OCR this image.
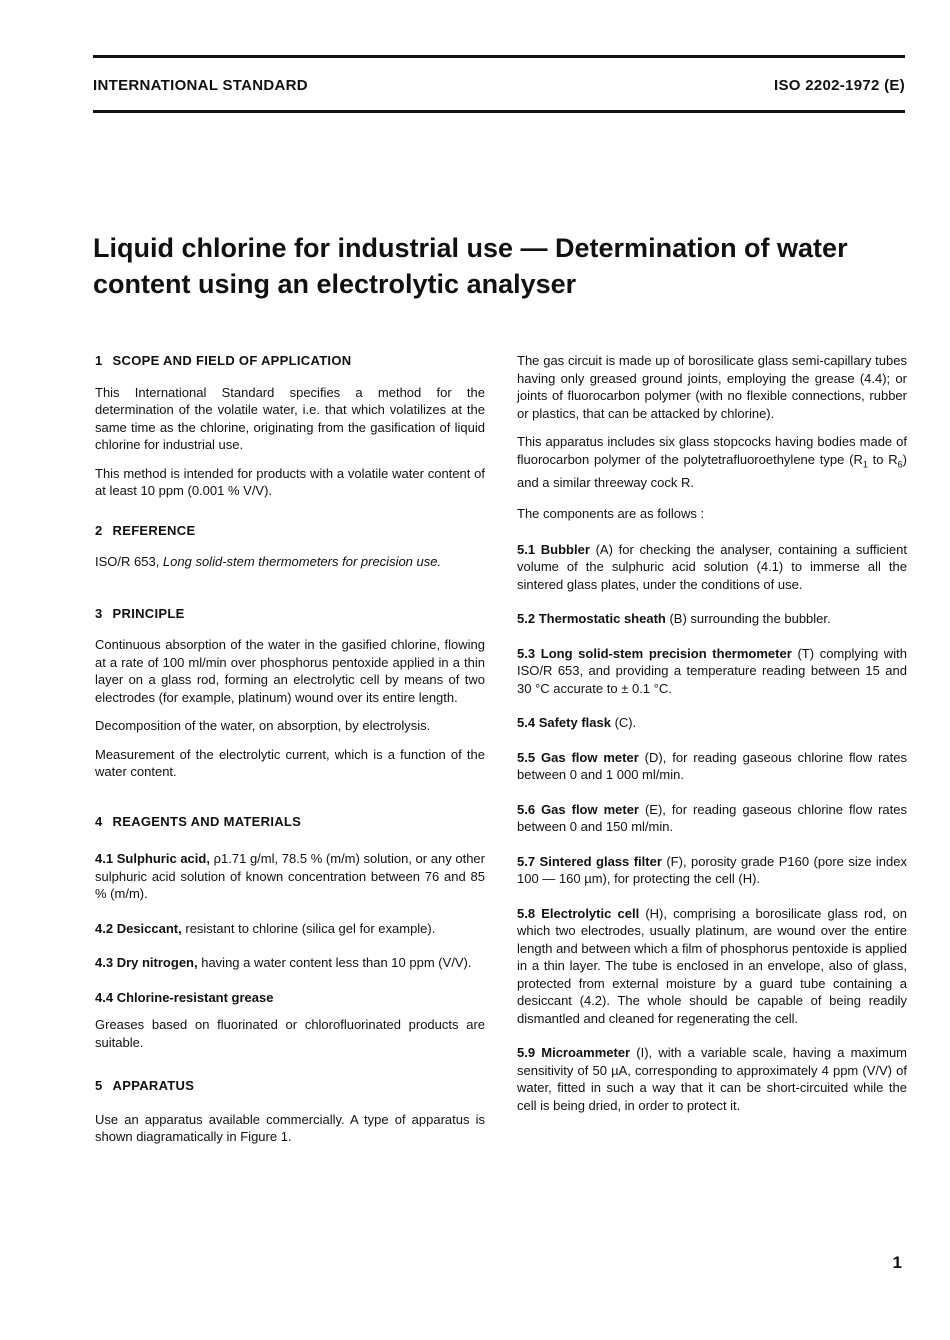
INTERNATIONAL STANDARD	ISO 2202-1972 (E)
Liquid chlorine for industrial use — Determination of water content using an electrolytic analyser
1 SCOPE AND FIELD OF APPLICATION

This International Standard specifies a method for the determination of the volatile water, i.e. that which volatilizes at the same time as the chlorine, originating from the gasification of liquid chlorine for industrial use.

This method is intended for products with a volatile water content of at least 10 ppm (0.001 % V/V).

2 REFERENCE

ISO/R 653, Long solid-stem thermometers for precision use.

3 PRINCIPLE

Continuous absorption of the water in the gasified chlorine, flowing at a rate of 100 ml/min over phosphorus pentoxide applied in a thin layer on a glass rod, forming an electrolytic cell by means of two electrodes (for example, platinum) wound over its entire length.

Decomposition of the water, on absorption, by electrolysis.

Measurement of the electrolytic current, which is a function of the water content.

4 REAGENTS AND MATERIALS

4.1 Sulphuric acid, ρ1.71 g/ml, 78.5 % (m/m) solution, or any other sulphuric acid solution of known concentration between 76 and 85 % (m/m).

4.2 Desiccant, resistant to chlorine (silica gel for example).

4.3 Dry nitrogen, having a water content less than 10 ppm (V/V).

4.4 Chlorine-resistant grease

Greases based on fluorinated or chlorofluorinated products are suitable.

5 APPARATUS

Use an apparatus available commercially. A type of apparatus is shown diagramatically in Figure 1.

The gas circuit is made up of borosilicate glass semi-capillary tubes having only greased ground joints, employing the grease (4.4); or joints of fluorocarbon polymer (with no flexible connections, rubber or plastics, that can be attacked by chlorine).

This apparatus includes six glass stopcocks having bodies made of fluorocarbon polymer of the polytetrafluoroethylene type ($R_1$ to $R_6$) and a similar threeway cock R.

The components are as follows :

5.1 Bubbler (A) for checking the analyser, containing a sufficient volume of the sulphuric acid solution (4.1) to immerse all the sintered glass plates, under the conditions of use.

5.2 Thermostatic sheath (B) surrounding the bubbler.

5.3 Long solid-stem precision thermometer (T) complying with ISO/R 653, and providing a temperature reading between 15 and 30 °C accurate to ± 0.1 °C.

5.4 Safety flask (C).

5.5 Gas flow meter (D), for reading gaseous chlorine flow rates between 0 and 1 000 ml/min.

5.6 Gas flow meter (E), for reading gaseous chlorine flow rates between 0 and 150 ml/min.

5.7 Sintered glass filter (F), porosity grade P160 (pore size index 100 — 160 µm), for protecting the cell (H).

5.8 Electrolytic cell (H), comprising a borosilicate glass rod, on which two electrodes, usually platinum, are wound over the entire length and between which a film of phosphorus pentoxide is applied in a thin layer. The tube is enclosed in an envelope, also of glass, protected from external moisture by a guard tube containing a desiccant (4.2). The whole should be capable of being readily dismantled and cleaned for regenerating the cell.

5.9 Microammeter (I), with a variable scale, having a maximum sensitivity of 50 µA, corresponding to approximately 4 ppm (V/V) of water, fitted in such a way that it can be short-circuited while the cell is being dried, in order to protect it.

1
